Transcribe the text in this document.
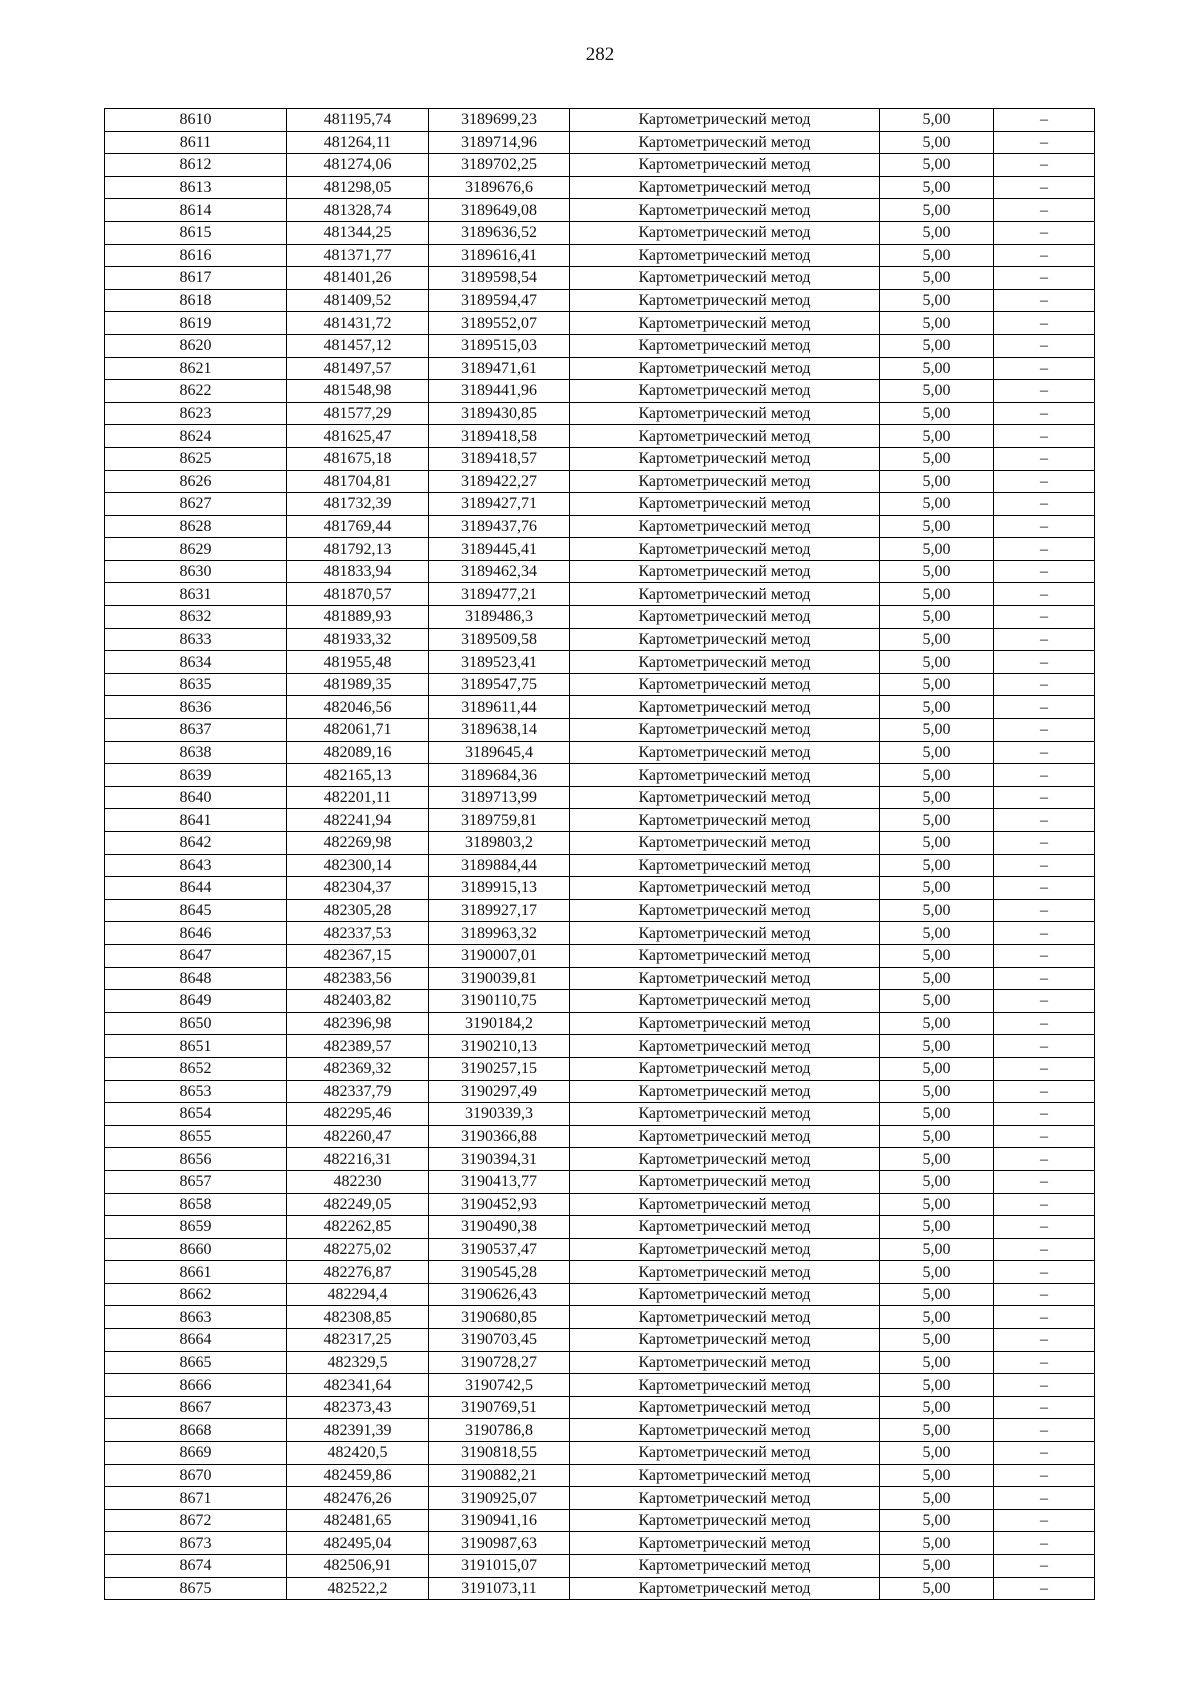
282
8610	481195,74	3189699,23	Картометрический метод	5,00	–
8611	481264,11	3189714,96	Картометрический метод	5,00	–
8612	481274,06	3189702,25	Картометрический метод	5,00	–
8613	481298,05	3189676,6	Картометрический метод	5,00	–
8614	481328,74	3189649,08	Картометрический метод	5,00	–
8615	481344,25	3189636,52	Картометрический метод	5,00	–
8616	481371,77	3189616,41	Картометрический метод	5,00	–
8617	481401,26	3189598,54	Картометрический метод	5,00	–
8618	481409,52	3189594,47	Картометрический метод	5,00	–
8619	481431,72	3189552,07	Картометрический метод	5,00	–
8620	481457,12	3189515,03	Картометрический метод	5,00	–
8621	481497,57	3189471,61	Картометрический метод	5,00	–
8622	481548,98	3189441,96	Картометрический метод	5,00	–
8623	481577,29	3189430,85	Картометрический метод	5,00	–
8624	481625,47	3189418,58	Картометрический метод	5,00	–
8625	481675,18	3189418,57	Картометрический метод	5,00	–
8626	481704,81	3189422,27	Картометрический метод	5,00	–
8627	481732,39	3189427,71	Картометрический метод	5,00	–
8628	481769,44	3189437,76	Картометрический метод	5,00	–
8629	481792,13	3189445,41	Картометрический метод	5,00	–
8630	481833,94	3189462,34	Картометрический метод	5,00	–
8631	481870,57	3189477,21	Картометрический метод	5,00	–
8632	481889,93	3189486,3	Картометрический метод	5,00	–
8633	481933,32	3189509,58	Картометрический метод	5,00	–
8634	481955,48	3189523,41	Картометрический метод	5,00	–
8635	481989,35	3189547,75	Картометрический метод	5,00	–
8636	482046,56	3189611,44	Картометрический метод	5,00	–
8637	482061,71	3189638,14	Картометрический метод	5,00	–
8638	482089,16	3189645,4	Картометрический метод	5,00	–
8639	482165,13	3189684,36	Картометрический метод	5,00	–
8640	482201,11	3189713,99	Картометрический метод	5,00	–
8641	482241,94	3189759,81	Картометрический метод	5,00	–
8642	482269,98	3189803,2	Картометрический метод	5,00	–
8643	482300,14	3189884,44	Картометрический метод	5,00	–
8644	482304,37	3189915,13	Картометрический метод	5,00	–
8645	482305,28	3189927,17	Картометрический метод	5,00	–
8646	482337,53	3189963,32	Картометрический метод	5,00	–
8647	482367,15	3190007,01	Картометрический метод	5,00	–
8648	482383,56	3190039,81	Картометрический метод	5,00	–
8649	482403,82	3190110,75	Картометрический метод	5,00	–
8650	482396,98	3190184,2	Картометрический метод	5,00	–
8651	482389,57	3190210,13	Картометрический метод	5,00	–
8652	482369,32	3190257,15	Картометрический метод	5,00	–
8653	482337,79	3190297,49	Картометрический метод	5,00	–
8654	482295,46	3190339,3	Картометрический метод	5,00	–
8655	482260,47	3190366,88	Картометрический метод	5,00	–
8656	482216,31	3190394,31	Картометрический метод	5,00	–
8657	482230	3190413,77	Картометрический метод	5,00	–
8658	482249,05	3190452,93	Картометрический метод	5,00	–
8659	482262,85	3190490,38	Картометрический метод	5,00	–
8660	482275,02	3190537,47	Картометрический метод	5,00	–
8661	482276,87	3190545,28	Картометрический метод	5,00	–
8662	482294,4	3190626,43	Картометрический метод	5,00	–
8663	482308,85	3190680,85	Картометрический метод	5,00	–
8664	482317,25	3190703,45	Картометрический метод	5,00	–
8665	482329,5	3190728,27	Картометрический метод	5,00	–
8666	482341,64	3190742,5	Картометрический метод	5,00	–
8667	482373,43	3190769,51	Картометрический метод	5,00	–
8668	482391,39	3190786,8	Картометрический метод	5,00	–
8669	482420,5	3190818,55	Картометрический метод	5,00	–
8670	482459,86	3190882,21	Картометрический метод	5,00	–
8671	482476,26	3190925,07	Картометрический метод	5,00	–
8672	482481,65	3190941,16	Картометрический метод	5,00	–
8673	482495,04	3190987,63	Картометрический метод	5,00	–
8674	482506,91	3191015,07	Картометрический метод	5,00	–
8675	482522,2	3191073,11	Картометрический метод	5,00	–
